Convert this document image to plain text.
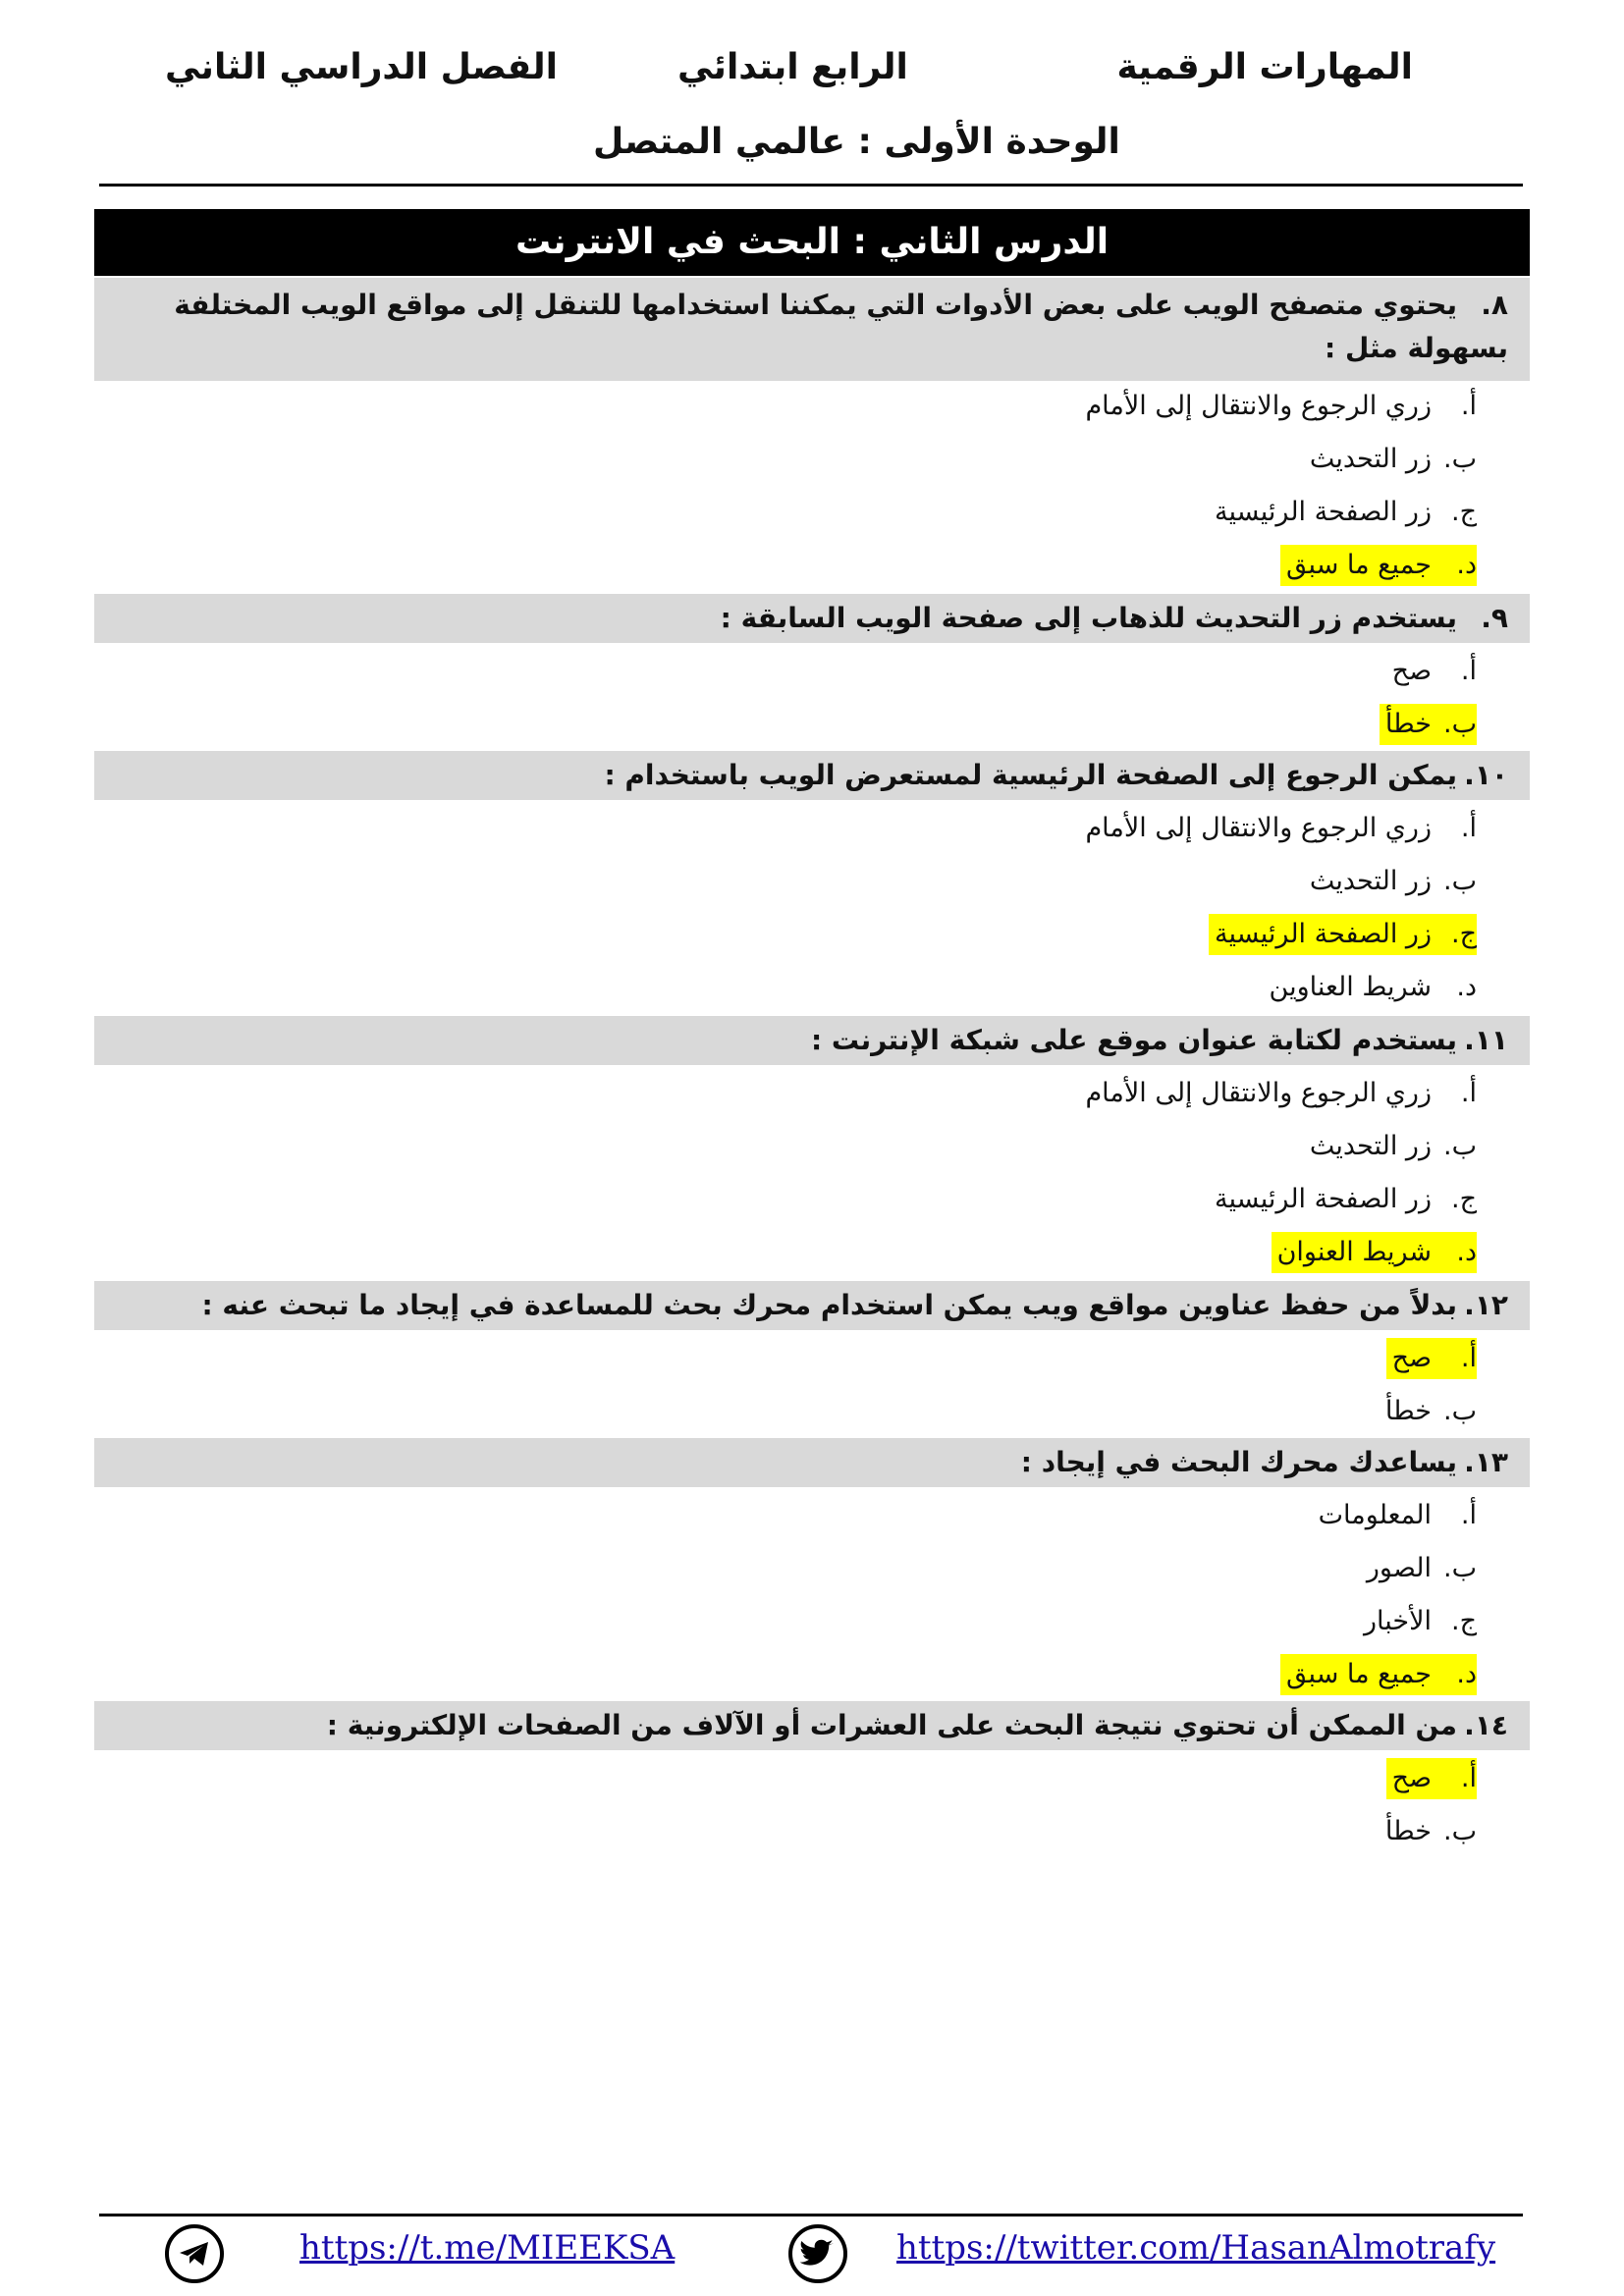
المهارات الرقمية
الرابع ابتدائي
الفصل الدراسي الثاني
الوحدة الأولى : عالمي المتصل
الدرس الثاني : البحث في الانترنت
٨.يحتوي متصفح الويب على بعض الأدوات التي يمكننا استخدامها للتنقل إلى مواقع الويب المختلفة بسهولة مثل :
أ.زري الرجوع والانتقال إلى الأمام
ب.زر التحديث
ج.زر الصفحة الرئيسية
د.جميع ما سبق
٩.يستخدم زر التحديث للذهاب إلى صفحة الويب السابقة :
أ.صح
ب.خطأ
١٠.يمكن الرجوع إلى الصفحة الرئيسية لمستعرض الويب باستخدام :
أ.زري الرجوع والانتقال إلى الأمام
ب.زر التحديث
ج.زر الصفحة الرئيسية
د.شريط العناوين
١١.يستخدم لكتابة عنوان موقع على شبكة الإنترنت :
أ.زري الرجوع والانتقال إلى الأمام
ب.زر التحديث
ج.زر الصفحة الرئيسية
د.شريط العنوان
١٢.بدلاً من حفظ عناوين مواقع ويب يمكن استخدام محرك بحث للمساعدة في إيجاد ما تبحث عنه :
أ.صح
ب.خطأ
١٣.يساعدك محرك البحث في إيجاد :
أ.المعلومات
ب.الصور
ج.الأخبار
د.جميع ما سبق
١٤.من الممكن أن تحتوي نتيجة البحث على العشرات أو الآلاف من الصفحات الإلكترونية :
أ.صح
ب.خطأ
https://t.me/MIEEKSA	https://twitter.com/HasanAlmotrafy
